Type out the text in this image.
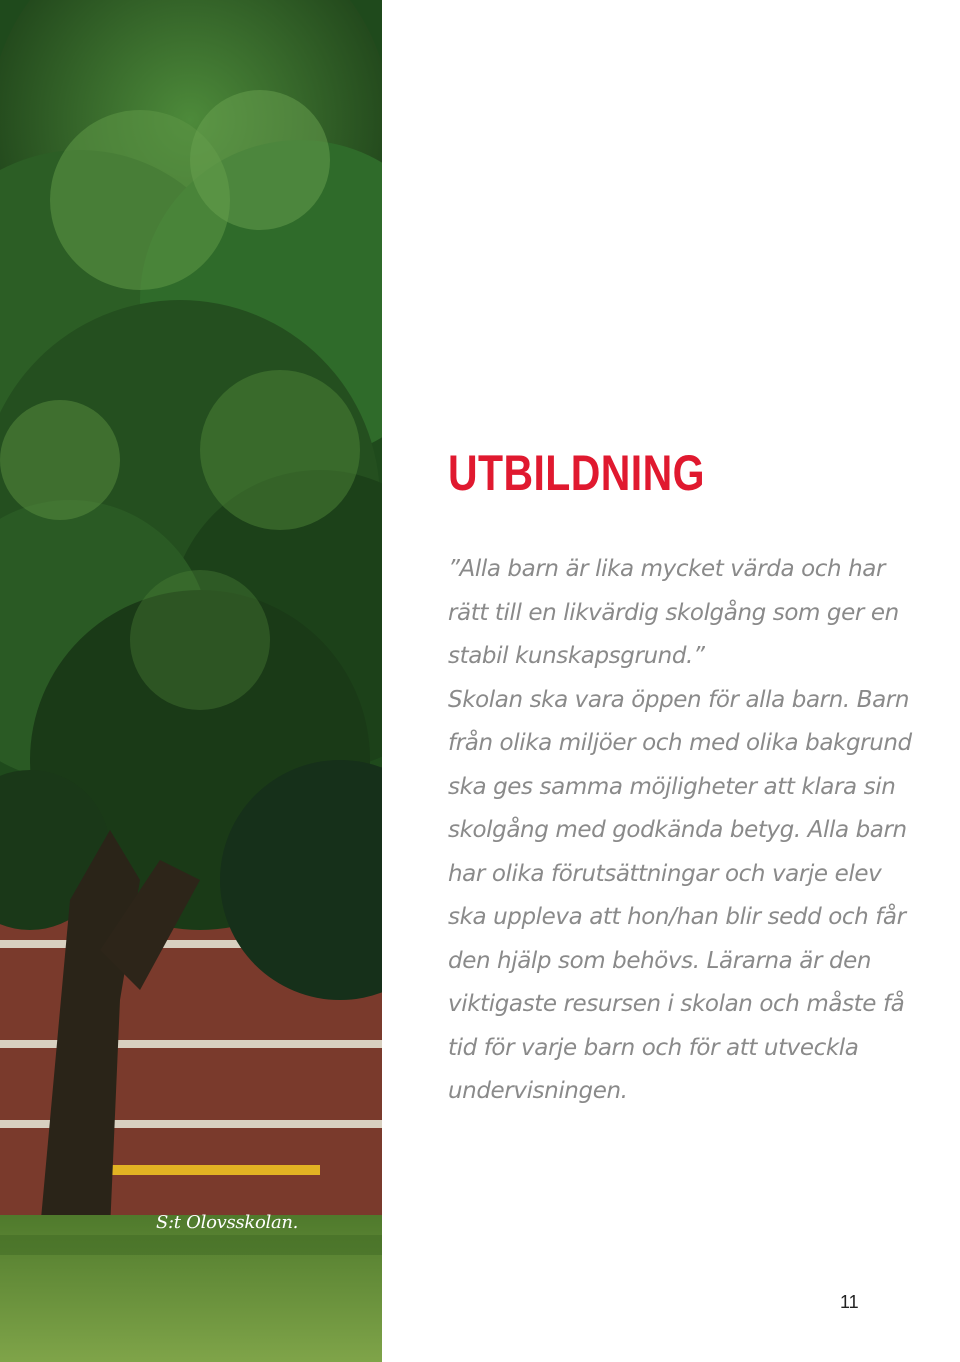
S:t Olovsskolan.
UTBILDNING

”Alla barn är lika mycket värda och har rätt till en likvärdig skolgång som ger en stabil kunskapsgrund.”

Skolan ska vara öppen för alla barn. Barn från olika miljöer och med olika bakgrund ska ges samma möjligheter att klara sin skolgång med godkända betyg. Alla barn har olika förutsättningar och varje elev ska uppleva att hon/han blir sedd och får den hjälp som behövs. Lärarna är den viktigaste resursen i skolan och måste få tid för varje barn och för att utveckla undervisningen.

11
